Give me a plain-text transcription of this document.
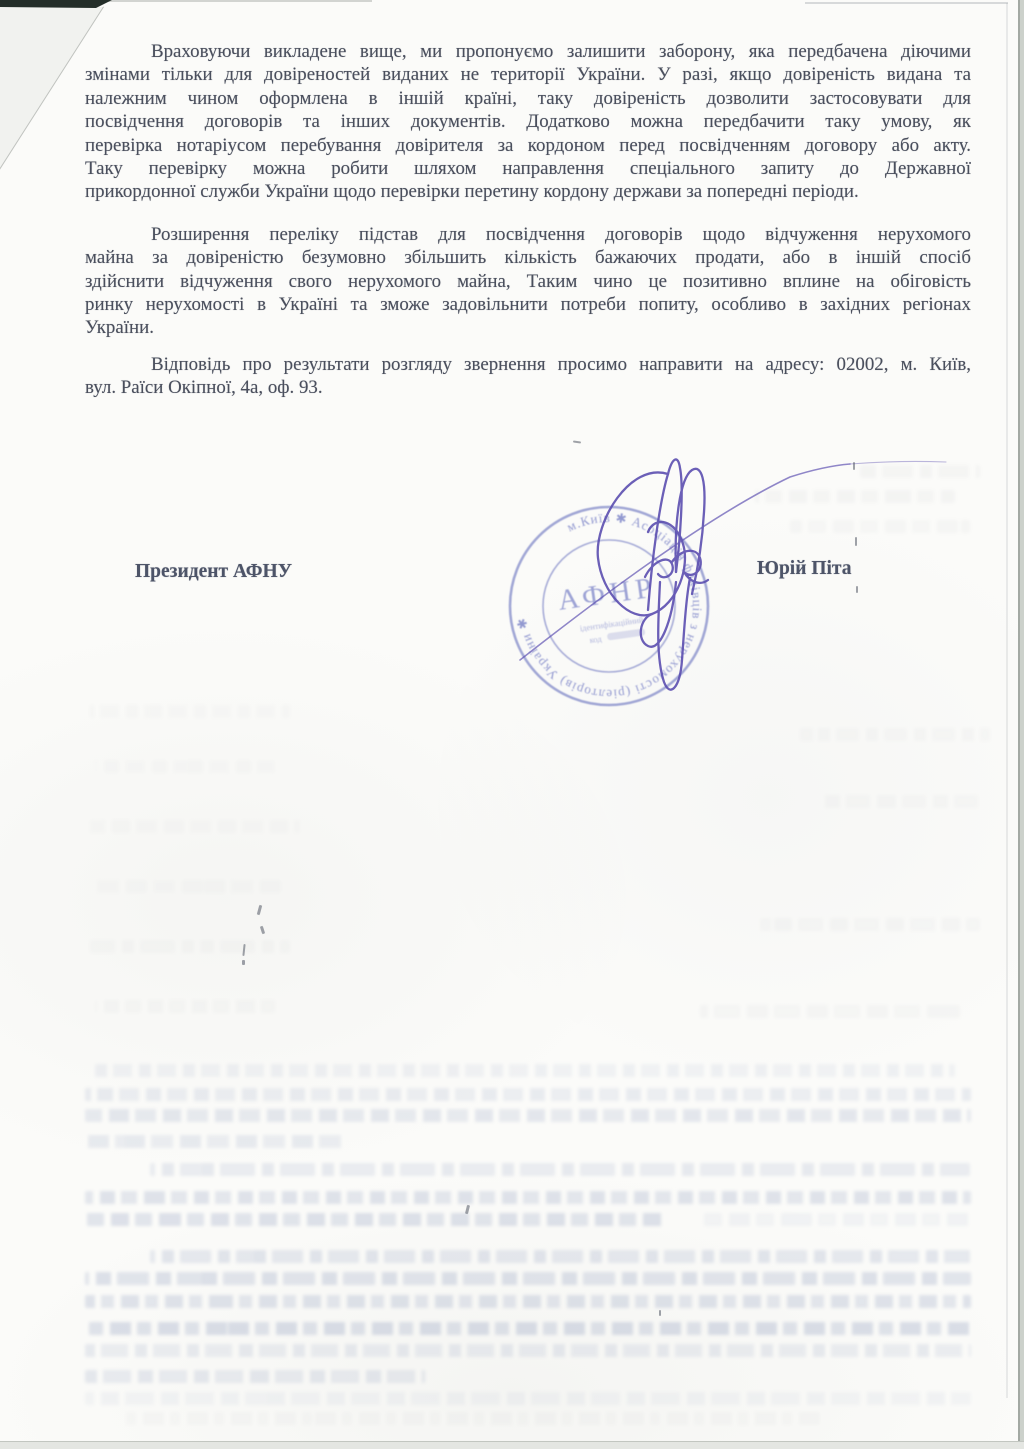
Враховуючи викладене вище, ми пропонуємо залишити заборону, яка передбачена діючими
змінами тільки для довіреностей виданих не території України. У разі, якщо довіреність видана та
належним чином оформлена в іншій країні, таку довіреність дозволити застосовувати для
посвідчення договорів та інших документів. Додатково можна передбачити таку умову, як
перевірка нотаріусом перебування довірителя за кордоном перед посвідченням договору або акту.
Таку перевірку можна робити шляхом направлення спеціального запиту до Державної
прикордонної служби України щодо перевірки перетину кордону держави за попередні періоди.

Розширення переліку підстав для посвідчення договорів щодо відчуження нерухомого
майна за довіреністю безумовно збільшить кількість бажаючих продати, або в іншій спосіб
здійснити відчуження свого нерухомого майна, Таким чино це позитивно вплине на обіговість
ринку нерухомості в Україні та зможе задовільнити потреби попиту, особливо в західних регіонах
України.

Відповідь про результати розгляду звернення просимо направити на адресу: 02002, м. Київ,
вул. Раїси Окіпної, 4а, оф. 93.

Президент АФНУ	Юрій Піта
м.Київ ✱ Асоціація фахівців з нерухомості (ріелторів) України ✱
АФНР
ідентифікаційний
код
